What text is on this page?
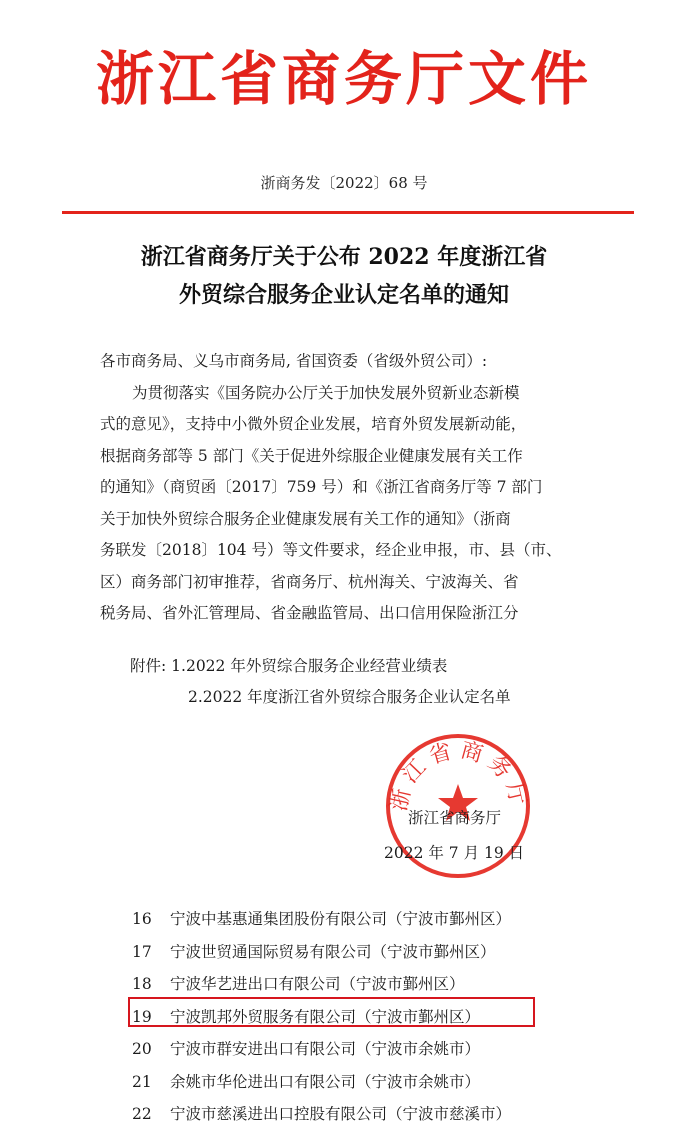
浙江省商务厅文件
浙商务发〔2022〕68 号
浙江省商务厅关于公布 2022 年度浙江省
外贸综合服务企业认定名单的通知
各市商务局、义乌市商务局, 省国资委（省级外贸公司）:
为贯彻落实《国务院办公厅关于加快发展外贸新业态新模
式的意见》，支持中小微外贸企业发展，培育外贸发展新动能，
根据商务部等 5 部门《关于促进外综服企业健康发展有关工作
的通知》（商贸函〔2017〕759 号）和《浙江省商务厅等 7 部门
关于加快外贸综合服务企业健康发展有关工作的通知》（浙商
务联发〔2018〕104 号）等文件要求，经企业申报，市、县（市、
区）商务部门初审推荐，省商务厅、杭州海关、宁波海关、省
税务局、省外汇管理局、省金融监管局、出口信用保险浙江分
附件: 1.2022 年外贸综合服务企业经营业绩表
2.2022 年度浙江省外贸综合服务企业认定名单
浙江省商务厅
浙江省商务厅
2022 年 7 月 19 日
16 宁波中基惠通集团股份有限公司（宁波市鄞州区）
17 宁波世贸通国际贸易有限公司（宁波市鄞州区）
18 宁波华艺进出口有限公司（宁波市鄞州区）
19 宁波凯邦外贸服务有限公司（宁波市鄞州区）
20 宁波市群安进出口有限公司（宁波市余姚市）
21 余姚市华伦进出口有限公司（宁波市余姚市）
22 宁波市慈溪进出口控股有限公司（宁波市慈溪市）
